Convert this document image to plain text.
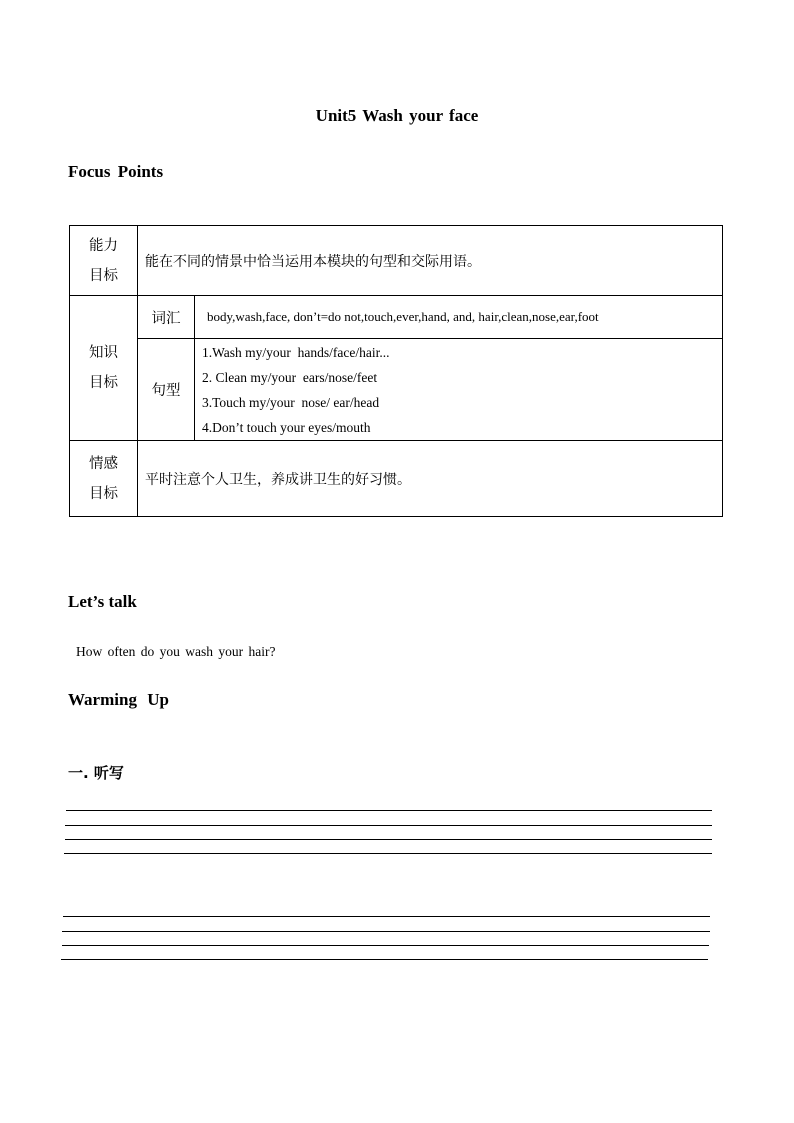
Unit5 Wash your face
Focus Points
能力
目标	能在不同的情景中恰当运用本模块的句型和交际用语。	

知识
目标	词汇	body,wash,face, don’t=do not,touch,ever,hand, and, hair,clean,nose,ear,foot
	句型	1.Wash my/your  hands/face/hair...
2. Clean my/your  ears/nose/feet
3.Touch my/your  nose/ ear/head
4.Don’t touch your eyes/mouth

情感
目标	平时注意个人卫生，养成讲卫生的好习惯。	
Let’s talk
How often do you wash your hair?
Warming Up
一. 听写
